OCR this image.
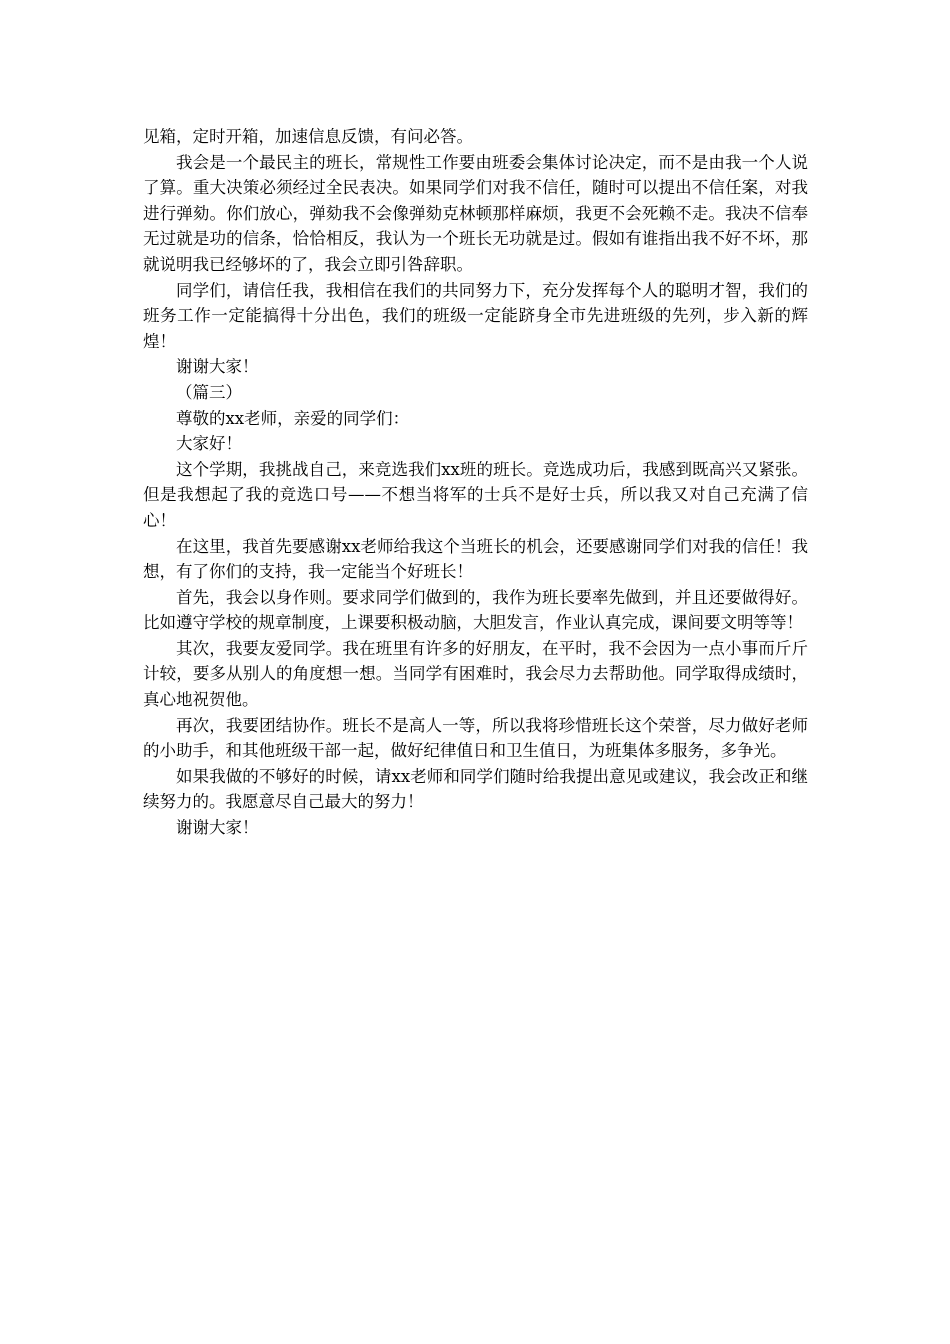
见箱，定时开箱，加速信息反馈，有问必答。

我会是一个最民主的班长，常规性工作要由班委会集体讨论决定，而不是由我一个人说了算。重大决策必须经过全民表决。如果同学们对我不信任，随时可以提出不信任案，对我进行弹劾。你们放心，弹劾我不会像弹劾克林顿那样麻烦，我更不会死赖不走。我决不信奉无过就是功的信条，恰恰相反，我认为一个班长无功就是过。假如有谁指出我不好不坏，那就说明我已经够坏的了，我会立即引咎辞职。

同学们，请信任我，我相信在我们的共同努力下，充分发挥每个人的聪明才智，我们的班务工作一定能搞得十分出色，我们的班级一定能跻身全市先进班级的先列，步入新的辉煌！

谢谢大家！

（篇三）

尊敬的xx老师，亲爱的同学们：

大家好！

这个学期，我挑战自己，来竞选我们xx班的班长。竞选成功后，我感到既高兴又紧张。但是我想起了我的竞选口号——不想当将军的士兵不是好士兵，所以我又对自己充满了信心！

在这里，我首先要感谢xx老师给我这个当班长的机会，还要感谢同学们对我的信任！我想，有了你们的支持，我一定能当个好班长！

首先，我会以身作则。要求同学们做到的，我作为班长要率先做到，并且还要做得好。比如遵守学校的规章制度，上课要积极动脑，大胆发言，作业认真完成，课间要文明等等！

其次，我要友爱同学。我在班里有许多的好朋友，在平时，我不会因为一点小事而斤斤计较，要多从别人的角度想一想。当同学有困难时，我会尽力去帮助他。同学取得成绩时，真心地祝贺他。

再次，我要团结协作。班长不是高人一等，所以我将珍惜班长这个荣誉，尽力做好老师的小助手，和其他班级干部一起，做好纪律值日和卫生值日，为班集体多服务，多争光。

如果我做的不够好的时候，请xx老师和同学们随时给我提出意见或建议，我会改正和继续努力的。我愿意尽自己最大的努力！

谢谢大家！
